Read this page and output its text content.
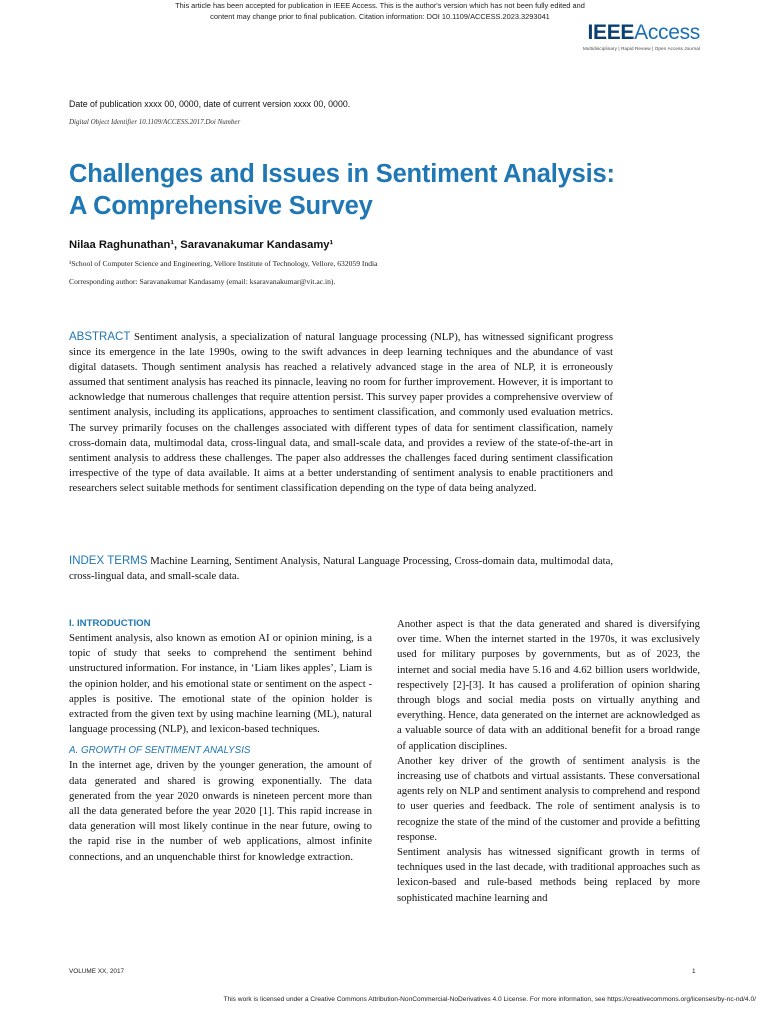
This article has been accepted for publication in IEEE Access. This is the author's version which has not been fully edited and
content may change prior to final publication. Citation information: DOI 10.1109/ACCESS.2023.3293041
IEEEAccess
Multidisciplinary | Rapid Review | Open Access Journal
Date of publication xxxx 00, 0000, date of current version xxxx 00, 0000.
Digital Object Identifier 10.1109/ACCESS.2017.Doi Number
Challenges and Issues in Sentiment Analysis:
A Comprehensive Survey
Nilaa Raghunathan¹, Saravanakumar Kandasamy¹
¹School of Computer Science and Engineering, Vellore Institute of Technology, Vellore, 632059 India
Corresponding author: Saravanakumar Kandasamy (email: ksaravanakumar@vit.ac.in).

ABSTRACT Sentiment analysis, a specialization of natural language processing (NLP), has witnessed significant progress since its emergence in the late 1990s, owing to the swift advances in deep learning techniques and the abundance of vast digital datasets. Though sentiment analysis has reached a relatively advanced stage in the area of NLP, it is erroneously assumed that sentiment analysis has reached its pinnacle, leaving no room for further improvement. However, it is important to acknowledge that numerous challenges that require attention persist. This survey paper provides a comprehensive overview of sentiment analysis, including its applications, approaches to sentiment classification, and commonly used evaluation metrics. The survey primarily focuses on the challenges associated with different types of data for sentiment classification, namely cross-domain data, multimodal data, cross-lingual data, and small-scale data, and provides a review of the state-of-the-art in sentiment analysis to address these challenges. The paper also addresses the challenges faced during sentiment classification irrespective of the type of data available. It aims at a better understanding of sentiment analysis to enable practitioners and researchers select suitable methods for sentiment classification depending on the type of data being analyzed.

INDEX TERMS Machine Learning, Sentiment Analysis, Natural Language Processing, Cross-domain data, multimodal data, cross-lingual data, and small-scale data.

I. INTRODUCTION

Sentiment analysis, also known as emotion AI or opinion mining, is a topic of study that seeks to comprehend the sentiment behind unstructured information. For instance, in ‘Liam likes apples’, Liam is the opinion holder, and his emotional state or sentiment on the aspect - apples is positive. The emotional state of the opinion holder is extracted from the given text by using machine learning (ML), natural language processing (NLP), and lexicon-based techniques.

A. GROWTH OF SENTIMENT ANALYSIS

In the internet age, driven by the younger generation, the amount of data generated and shared is growing exponentially. The data generated from the year 2020 onwards is nineteen percent more than all the data generated before the year 2020 [1]. This rapid increase in data generation will most likely continue in the near future, owing to the rapid rise in the number of web applications, almost infinite connections, and an unquenchable thirst for knowledge extraction.

Another aspect is that the data generated and shared is diversifying over time. When the internet started in the 1970s, it was exclusively used for military purposes by governments, but as of 2023, the internet and social media have 5.16 and 4.62 billion users worldwide, respectively [2]-[3]. It has caused a proliferation of opinion sharing through blogs and social media posts on virtually anything and everything. Hence, data generated on the internet are acknowledged as a valuable source of data with an additional benefit for a broad range of application disciplines.

Another key driver of the growth of sentiment analysis is the increasing use of chatbots and virtual assistants. These conversational agents rely on NLP and sentiment analysis to comprehend and respond to user queries and feedback. The role of sentiment analysis is to recognize the state of the mind of the customer and provide a befitting response.

Sentiment analysis has witnessed significant growth in terms of techniques used in the last decade, with traditional approaches such as lexicon-based and rule-based methods being replaced by more sophisticated machine learning and

VOLUME XX, 2017	1
This work is licensed under a Creative Commons Attribution-NonCommercial-NoDerivatives 4.0 License. For more information, see https://creativecommons.org/licenses/by-nc-nd/4.0/
